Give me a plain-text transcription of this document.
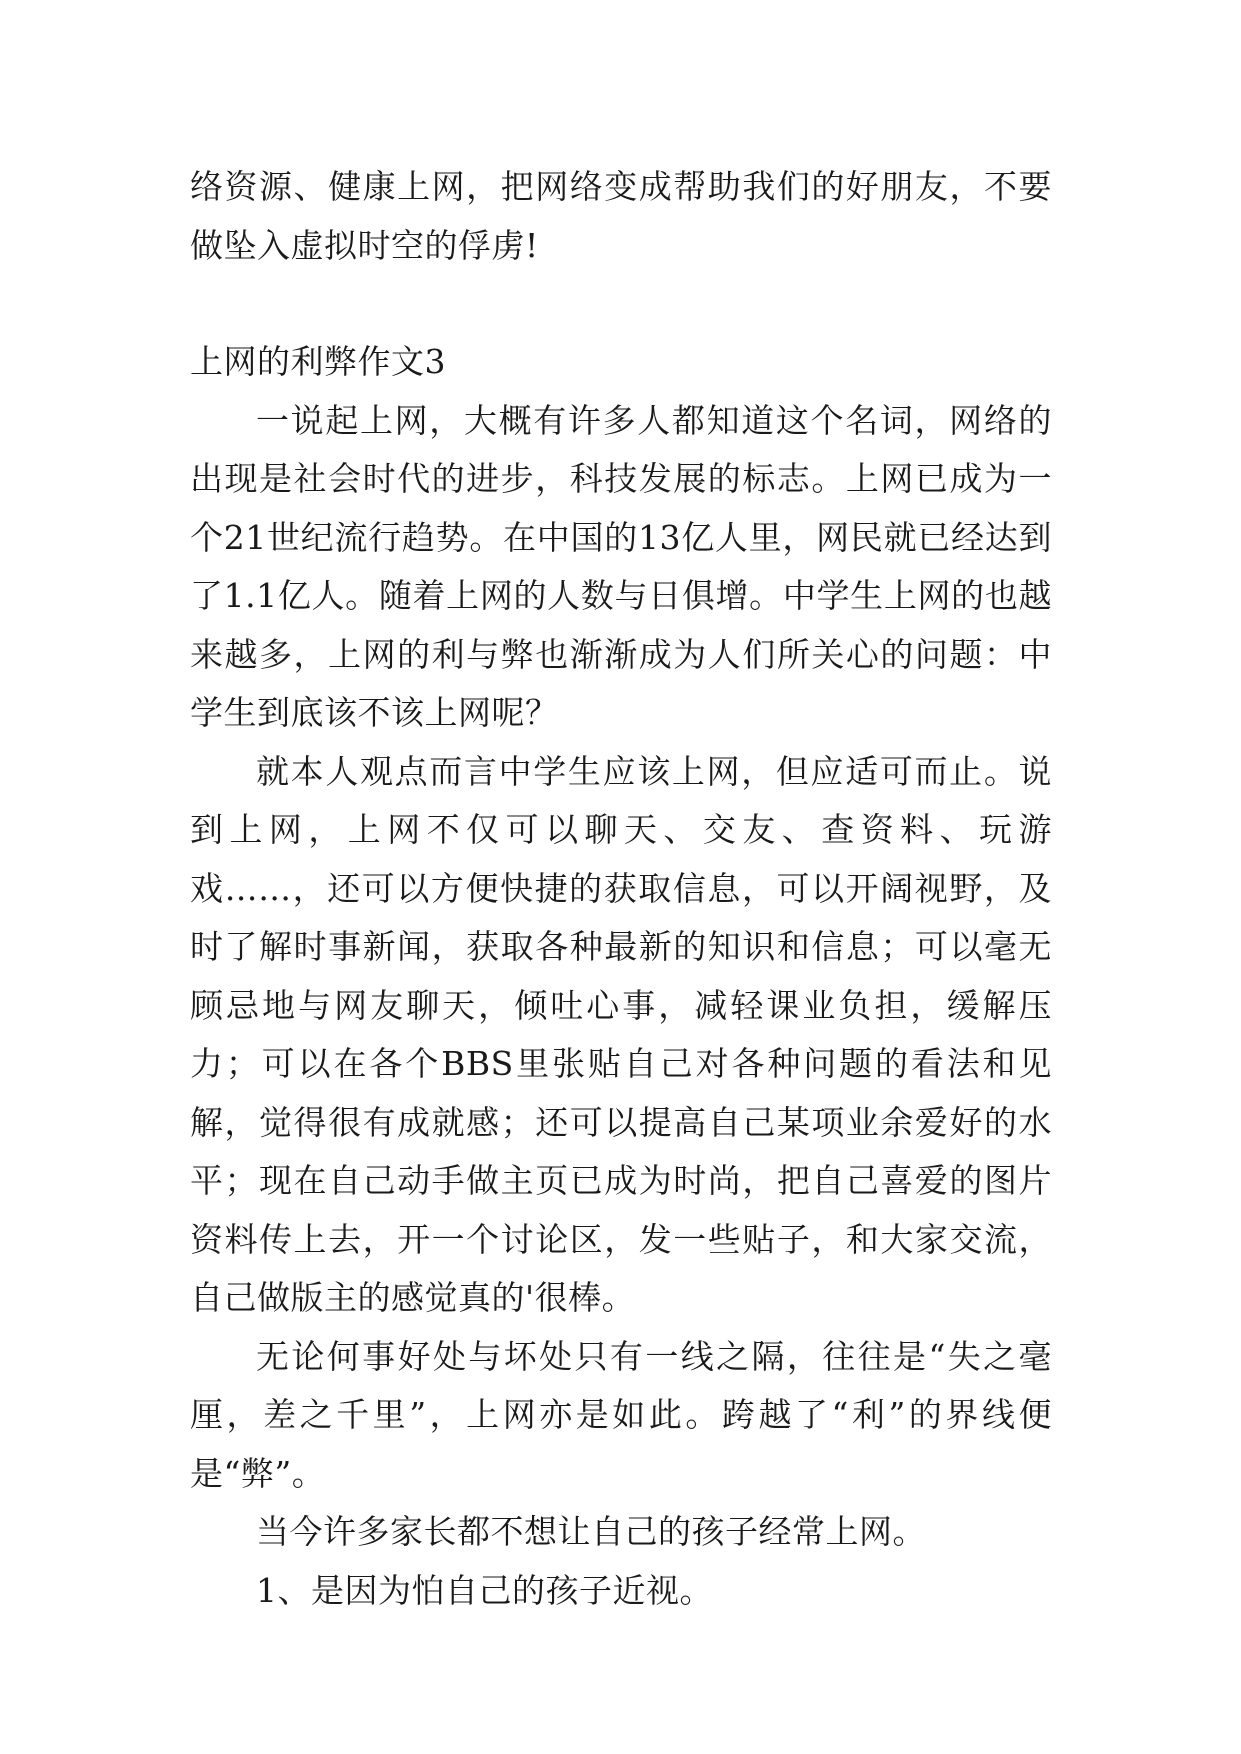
络资源、健康上网，把网络变成帮助我们的好朋友，不要做坠入虚拟时空的俘虏!

上网的利弊作文3

一说起上网，大概有许多人都知道这个名词，网络的出现是社会时代的进步，科技发展的标志。上网已成为一个21世纪流行趋势。在中国的13亿人里，网民就已经达到了1.1亿人。随着上网的人数与日俱增。中学生上网的也越来越多，上网的利与弊也渐渐成为人们所关心的问题：中学生到底该不该上网呢？

就本人观点而言中学生应该上网，但应适可而止。说到上网，上网不仅可以聊天、交友、查资料、玩游戏……，还可以方便快捷的获取信息，可以开阔视野，及时了解时事新闻，获取各种最新的知识和信息；可以毫无顾忌地与网友聊天，倾吐心事，减轻课业负担，缓解压力；可以在各个BBS里张贴自己对各种问题的看法和见解，觉得很有成就感；还可以提高自己某项业余爱好的水平；现在自己动手做主页已成为时尚，把自己喜爱的图片资料传上去，开一个讨论区，发一些贴子，和大家交流，自己做版主的感觉真的'很棒。

无论何事好处与坏处只有一线之隔，往往是“失之毫厘，差之千里”，上网亦是如此。跨越了“利”的界线便是“弊”。

当今许多家长都不想让自己的孩子经常上网。

1、是因为怕自己的孩子近视。
